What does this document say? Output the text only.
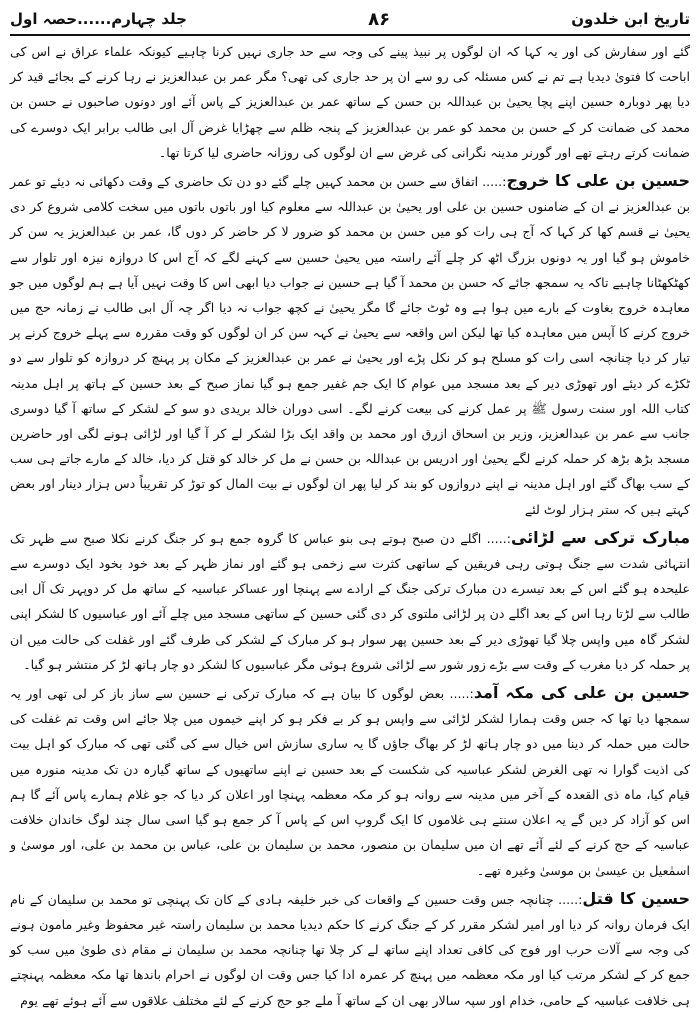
تاریخ ابن خلدون
۸۶
جلد چہارم......حصہ اول

گئے اور سفارش کی اور یہ کہا کہ ان لوگوں پر نبیذ پینے کی وجہ سے حد جاری نہیں کرنا چاہیے کیونکہ علماء عراق نے اس کی اباحت کا فتویٰ دیدیا ہے تم نے کس مسئلہ کی رو سے ان پر حد جاری کی تھی؟ مگر عمر بن عبدالعزیز نے رہا کرنے کے بجائے قید کر دیا پھر دوبارہ حسین اپنے پچا یحییٰ بن عبداللہ بن حسن کے ساتھ عمر بن عبدالعزیز کے پاس آئے اور دونوں صاحبوں نے حسن بن محمد کی ضمانت کر کے حسن بن محمد کو عمر بن عبدالعزیز کے پنجہ ظلم سے چھڑایا غرض آل ابی طالب برابر ایک دوسرے کی ضمانت کرتے رہتے تھے اور گورنر مدینہ نگرانی کی غرض سے ان لوگوں کی روزانہ حاضری لیا کرتا تھا۔

حسین بن علی کا خروج:..... اتفاق سے حسن بن محمد کہیں چلے گئے دو دن تک حاضری کے وقت دکھائی نہ دیئے تو عمر بن عبدالعزیز نے ان کے ضامنوں حسین بن علی اور یحییٰ بن عبداللہ سے معلوم کیا اور باتوں باتوں میں سخت کلامی شروع کر دی یحییٰ نے قسم کھا کر کہا کہ آج ہی رات کو میں حسن بن محمد کو ضرور لا کر حاضر کر دوں گا، عمر بن عبدالعزیز یہ سن کر خاموش ہو گیا اور یہ دونوں بزرگ اٹھ کر چلے آئے راستہ میں یحییٰ حسین سے کہنے لگے کہ آج اس کا دروازہ نیزہ اور تلوار سے کھٹکھٹانا چاہیے تاکہ یہ سمجھ جائے کہ حسن بن محمد آ گیا ہے حسین نے جواب دیا ابھی اس کا وقت نہیں آیا ہے ہم لوگوں میں جو معاہدہ خروج بغاوت کے بارے میں ہوا ہے وہ ٹوٹ جائے گا مگر یحییٰ نے کچھ جواب نہ دیا اگر چہ آل ابی طالب نے زمانہ حج میں خروج کرنے کا آپس میں معاہدہ کیا تھا لیکن اس واقعہ سے یحییٰ نے کہہ سن کر ان لوگوں کو وقت مقررہ سے پہلے خروج کرنے پر تیار کر دیا چنانچہ اسی رات کو مسلح ہو کر نکل پڑے اور یحییٰ نے عمر بن عبدالعزیز کے مکان پر پہنچ کر دروازہ کو تلوار سے دو ٹکڑے کر دیئے اور تھوڑی دیر کے بعد مسجد میں عوام کا ایک جم غفیر جمع ہو گیا نماز صبح کے بعد حسین کے ہاتھ پر اہل مدینہ کتاب اللہ اور سنت رسول ﷺ پر عمل کرنے کی بیعت کرنے لگے۔ اسی دوران خالد بریدی دو سو کے لشکر کے ساتھ آ گیا دوسری جانب سے عمر بن عبدالعزیز، وزیر بن اسحاق ازرق اور محمد بن واقد ایک بڑا لشکر لے کر آ گیا اور لڑائی ہونے لگی اور حاضرین مسجد بڑھ بڑھ کر حملہ کرنے لگے یحییٰ اور ادریس بن عبداللہ بن حسن نے مل کر خالد کو قتل کر دیا، خالد کے مارے جاتے ہی سب کے سب بھاگ گئے اور اہل مدینہ نے اپنے دروازوں کو بند کر لیا پھر ان لوگوں نے بیت المال کو توڑ کر تقریباً دس ہزار دینار اور بعض کہتے ہیں کہ ستر ہزار لوٹ لئے

مبارک ترکی سے لڑائی:..... اگلے دن صبح ہوتے ہی بنو عباس کا گروہ جمع ہو کر جنگ کرنے نکلا صبح سے ظہر تک انتہائی شدت سے جنگ ہوتی رہی فریقین کے ساتھی کثرت سے زخمی ہو گئے اور نماز ظہر کے بعد خود بخود ایک دوسرے سے علیحدہ ہو گئے اس کے بعد تیسرے دن مبارک ترکی جنگ کے ارادے سے پہنچا اور عساکر عباسیہ کے ساتھ مل کر دوپہر تک آل ابی طالب سے لڑتا رہا اس کے بعد اگلے دن پر لڑائی ملتوی کر دی گئی حسین کے ساتھی مسجد میں چلے آئے اور عباسیوں کا لشکر اپنی لشکر گاہ میں واپس چلا گیا تھوڑی دیر کے بعد حسین پھر سوار ہو کر مبارک کے لشکر کی طرف گئے اور غفلت کی حالت میں ان پر حملہ کر دیا مغرب کے وقت سے بڑے زور شور سے لڑائی شروع ہوئی مگر عباسیوں کا لشکر دو چار ہاتھ لڑ کر منتشر ہو گیا۔

حسین بن علی کی مکہ آمد:..... بعض لوگوں کا بیان ہے کہ مبارک ترکی نے حسین سے ساز باز کر لی تھی اور یہ سمجھا دیا تھا کہ جس وقت ہمارا لشکر لڑائی سے واپس ہو کر بے فکر ہو کر اپنے خیموں میں چلا جائے اس وقت تم غفلت کی حالت میں حملہ کر دینا میں دو چار ہاتھ لڑ کر بھاگ جاؤں گا یہ ساری سازش اس خیال سے کی گئی تھی کہ مبارک کو اہل بیت کی اذیت گوارا نہ تھی الغرض لشکر عباسیہ کی شکست کے بعد حسین نے اپنے ساتھیوں کے ساتھ گیارہ دن تک مدینہ منورہ میں قیام کیا، ماہ ذی القعدہ کے آخر میں مدینہ سے روانہ ہو کر مکہ معظمہ پہنچا اور اعلان کر دیا کہ جو غلام ہمارے پاس آئے گا ہم اس کو آزاد کر دیں گے یہ اعلان سنتے ہی غلاموں کا ایک گروپ اس کے پاس آ کر جمع ہو گیا اسی سال چند لوگ خاندان خلافت عباسیہ کے حج کرنے کے لئے آئے تھے ان میں سلیمان بن منصور، محمد بن سلیمان بن علی، عباس بن محمد بن علی، اور موسیٰ و اسمٰعیل بن عیسیٰ بن موسیٰ وغیرہ تھے۔

حسین کا قتل:..... چنانچہ جس وقت حسین کے واقعات کی خبر خلیفہ ہادی کے کان تک پہنچی تو محمد بن سلیمان کے نام ایک فرمان روانہ کر دیا اور امیر لشکر مقرر کر کے جنگ کرنے کا حکم دیدیا محمد بن سلیمان راستہ غیر محفوظ وغیر مامون ہونے کی وجہ سے آلات حرب اور فوج کی کافی تعداد اپنے ساتھ لے کر چلا تھا چنانچہ محمد بن سلیمان نے مقام ذی طویٰ میں سب کو جمع کر کے لشکر مرتب کیا اور مکہ معظمہ میں پہنچ کر عمرہ ادا کیا جس وقت ان لوگوں نے احرام باندھا تھا مکہ معظمہ پہنچتے ہی خلافت عباسیہ کے حامی، خدام اور سپہ سالار بھی ان کے ساتھ آ ملے جو حج کرنے کے لئے مختلف علاقوں سے آئے ہوئے تھے یوم
